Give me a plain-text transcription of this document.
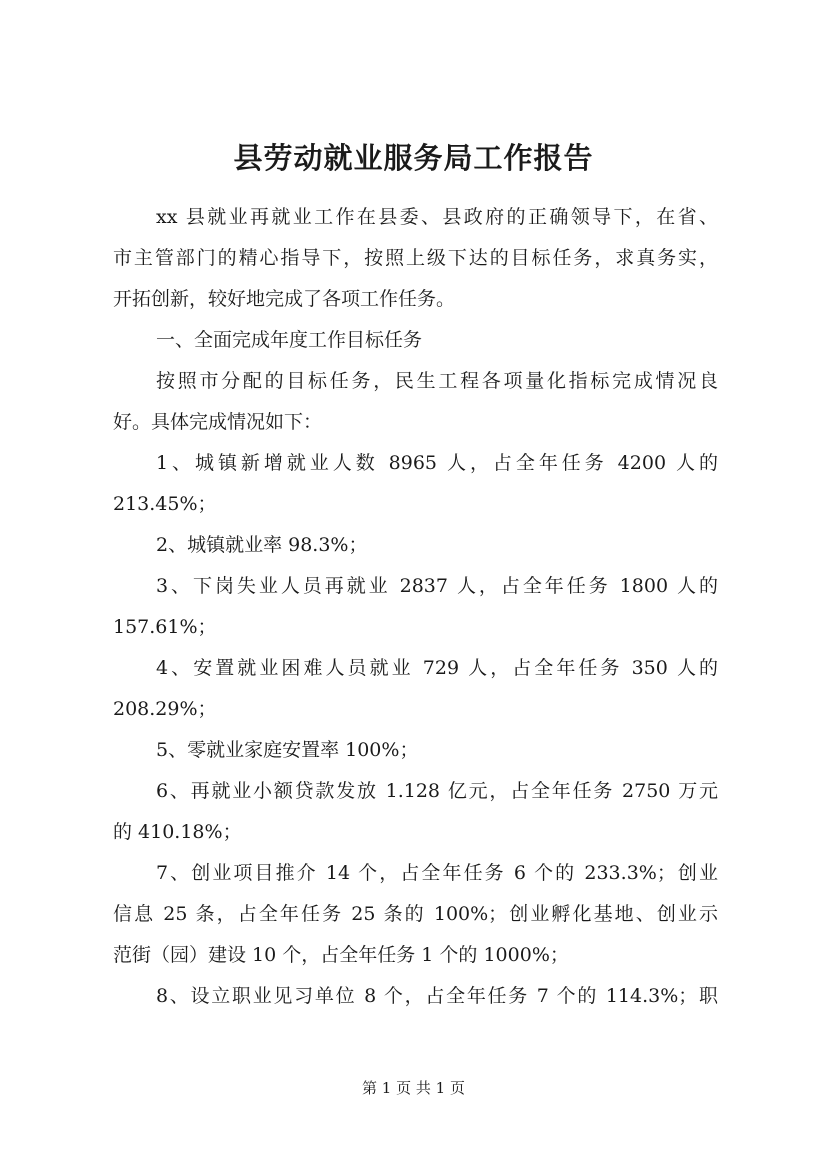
县劳动就业服务局工作报告
xx 县就业再就业工作在县委、县政府的正确领导下，在省、
市主管部门的精心指导下，按照上级下达的目标任务，求真务实，
开拓创新，较好地完成了各项工作任务。
一、全面完成年度工作目标任务
按照市分配的目标任务，民生工程各项量化指标完成情况良
好。具体完成情况如下：
1、城镇新增就业人数 8965 人，占全年任务 4200 人的
213.45%；
2、城镇就业率 98.3%；
3、下岗失业人员再就业 2837 人，占全年任务 1800 人的
157.61%；
4、安置就业困难人员就业 729 人，占全年任务 350 人的
208.29%；
5、零就业家庭安置率 100%；
6、再就业小额贷款发放 1.128 亿元，占全年任务 2750 万元
的 410.18%；
7、创业项目推介 14 个，占全年任务 6 个的 233.3%；创业
信息 25 条，占全年任务 25 条的 100%；创业孵化基地、创业示
范街（园）建设 10 个，占全年任务 1 个的 1000%；
8、设立职业见习单位 8 个，占全年任务 7 个的 114.3%；职
第 1 页 共 1 页
